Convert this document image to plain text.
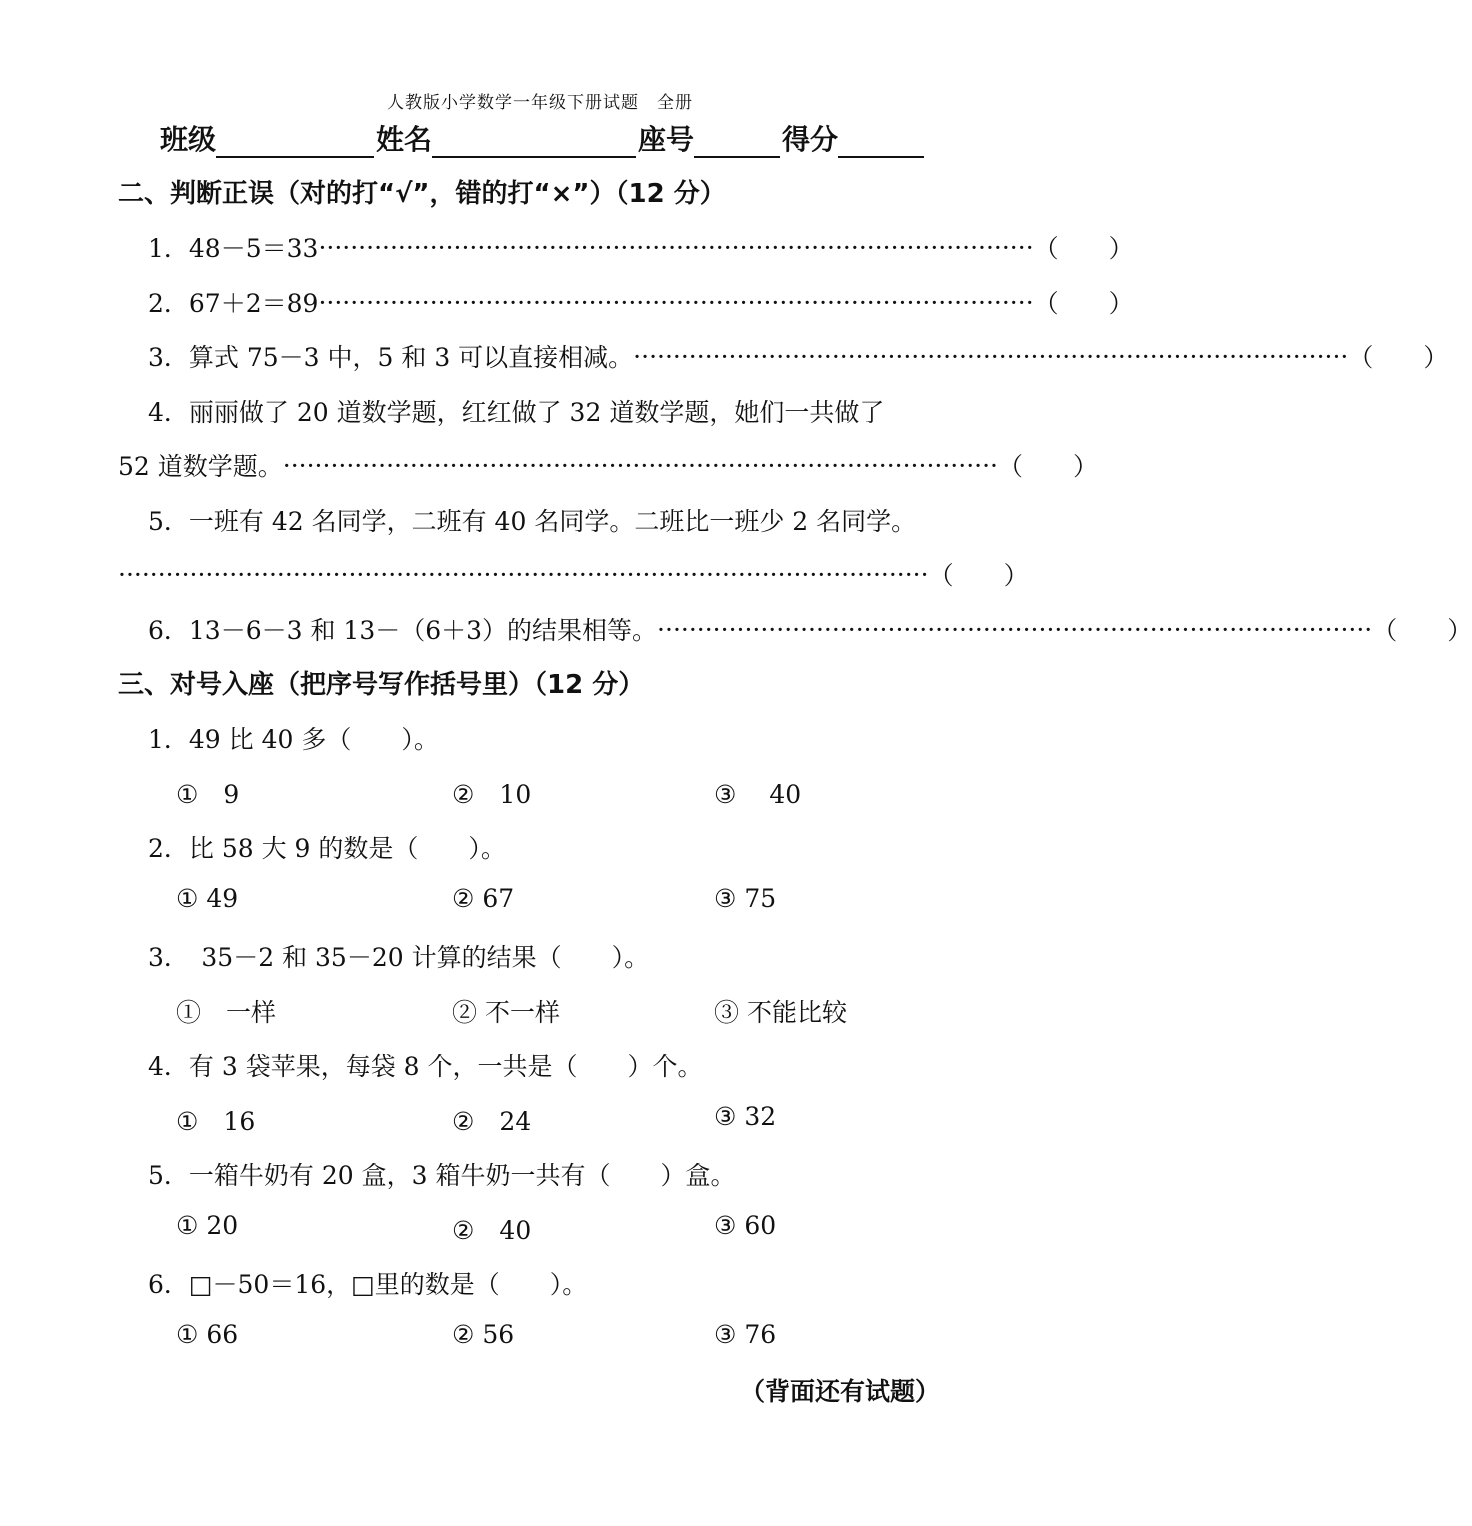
人教版小学数学一年级下册试题　全册
班级	姓名	座号	得分
二、判断正误（对的打“√”，错的打“×”）（12 分）
1．48－5＝33 ·························································································· （　　）
2．67＋2＝89 ·························································································· （　　）
3．算式 75－3 中，5 和 3 可以直接相减。 ·························································································· （　　）
4．丽丽做了 20 道数学题，红红做了 32 道数学题，她们一共做了
52 道数学题。 ·························································································· （　　）
5．一班有 42 名同学，二班有 40 名同学。二班比一班少 2 名同学。
······································································································ （　　）
6．13－6－3 和 13－（6＋3）的结果相等。 ·························································································· （　　）
三、对号入座（把序号写作括号里）（12 分）
1．49 比 40 多（　　）。
①　9	②　10	③　 40
2．比 58 大 9 的数是（　　）。
① 49	② 67	③ 75
3．　35－2 和 35－20 计算的结果（　　）。
①　一样	② 不一样	③ 不能比较
4．有 3 袋苹果，每袋 8 个，一共是（　　）个。
①　16	②　24	③ 32
5．一箱牛奶有 20 盒，3 箱牛奶一共有（　　）盒。
① 20	②　40	③ 60
6．□－50＝16，□里的数是（　　）。
① 66	② 56	③ 76
（背面还有试题）
